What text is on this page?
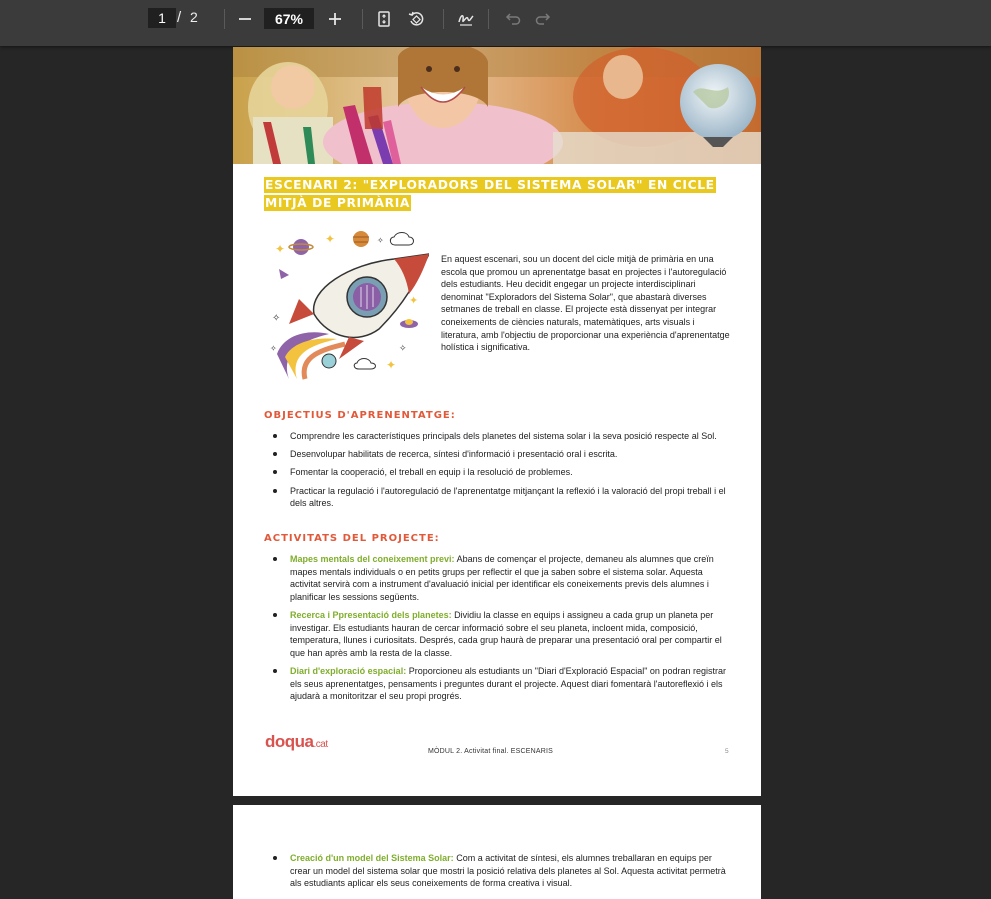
1
/ 2	67%
ESCENARI 2: "EXPLORADORS DEL SISTEMA SOLAR" EN CICLE MITJÀ DE PRIMÀRIA
✦
✦
✦
✦
✧
✧
✧
✧
En aquest escenari, sou un docent del cicle mitjà de primària en una escola que promou un aprenentatge basat en projectes i l'autoregulació dels estudiants. Heu decidit engegar un projecte interdisciplinari denominat "Exploradors del Sistema Solar", que abastarà diverses setmanes de treball en classe. El projecte està dissenyat per integrar coneixements de ciències naturals, matemàtiques, arts visuals i literatura, amb l'objectiu de proporcionar una experiència d'aprenentatge holística i significativa.
OBJECTIUS D'APRENENTATGE:
Comprendre les característiques principals dels planetes del sistema solar i la seva posició respecte al Sol.
Desenvolupar habilitats de recerca, síntesi d'informació i presentació oral i escrita.
Fomentar la cooperació, el treball en equip i la resolució de problemes.
Practicar la regulació i l'autoregulació de l'aprenentatge mitjançant la reflexió i la valoració del propi treball i el dels altres.
ACTIVITATS DEL PROJECTE:
Mapes mentals del coneixement previ: Abans de començar el projecte, demaneu als alumnes que creïn mapes mentals individuals o en petits grups per reflectir el que ja saben sobre el sistema solar. Aquesta activitat servirà com a instrument d'avaluació inicial per identificar els coneixements previs dels alumnes i planificar les sessions següents.
Recerca i Ppresentació dels planetes: Dividiu la classe en equips i assigneu a cada grup un planeta per investigar. Els estudiants hauran de cercar informació sobre el seu planeta, incloent mida, composició, temperatura, llunes i curiositats. Després, cada grup haurà de preparar una presentació oral per compartir el que han après amb la resta de la classe.
Diari d'exploració espacial: Proporcioneu als estudiants un "Diari d'Exploració Espacial" on podran registrar els seus aprenentatges, pensaments i preguntes durant el projecte. Aquest diari fomentarà l'autoreflexió i els ajudarà a monitoritzar el seu propi progrés.
doqua.cat
MÒDUL 2. Activitat final. ESCENARIS	5
Creació d'un model del Sistema Solar: Com a activitat de síntesi, els alumnes treballaran en equips per crear un model del sistema solar que mostri la posició relativa dels planetes al Sol. Aquesta activitat permetrà als estudiants aplicar els seus coneixements de forma creativa i visual.
